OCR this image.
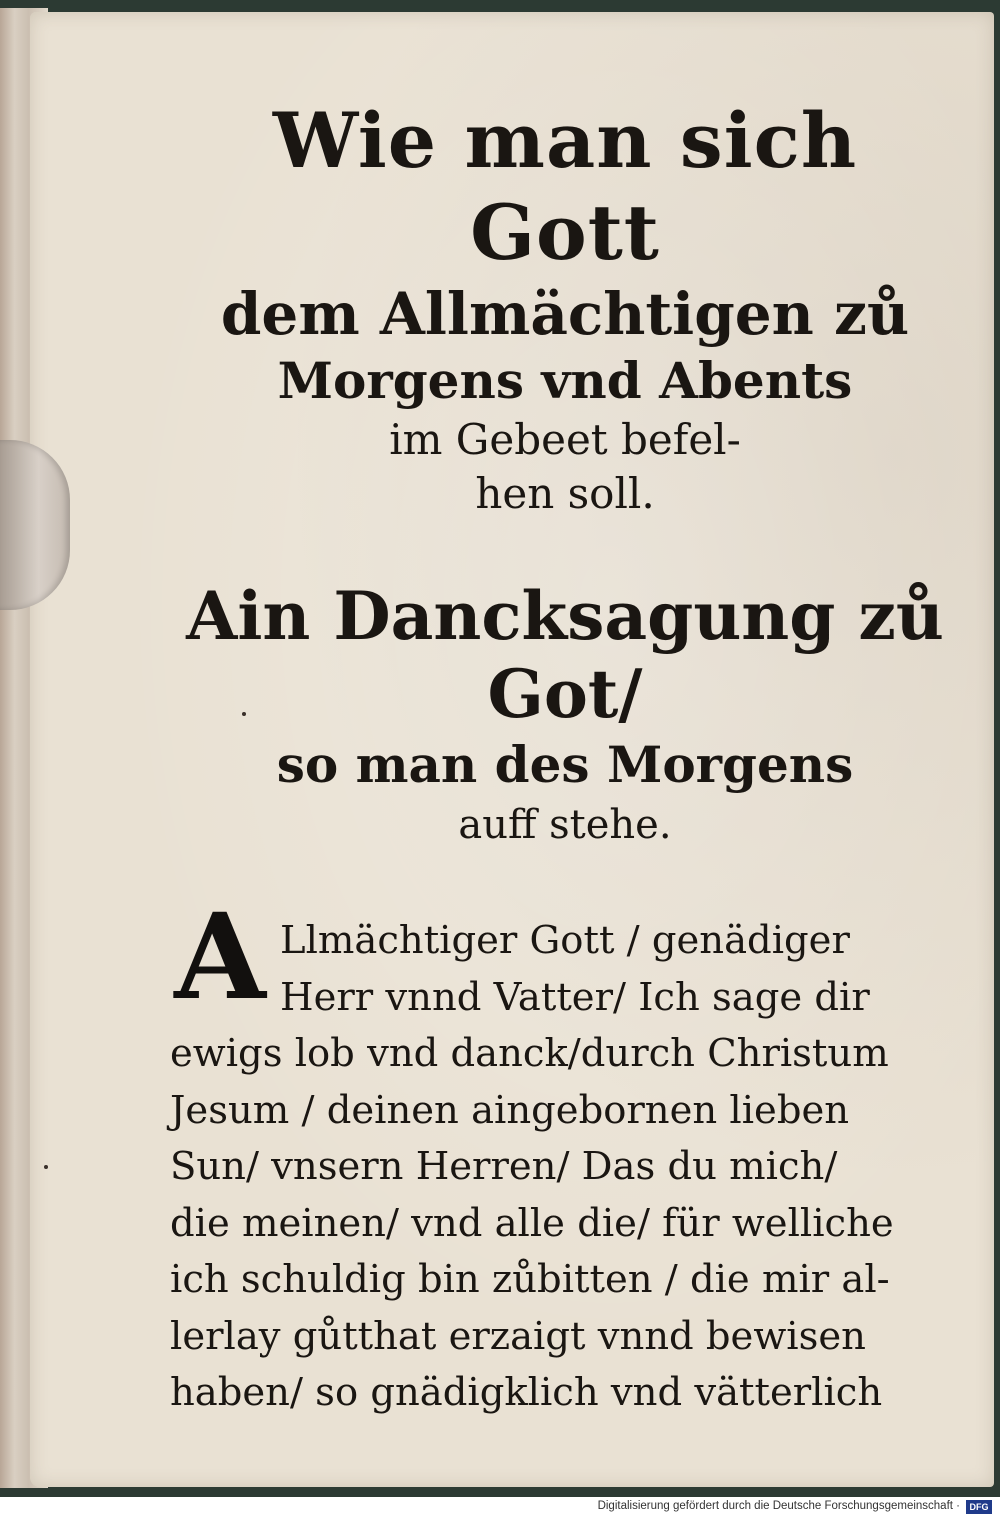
Wie man sich Gott
dem Allmächtigen zů
Morgens vnd Abents
im Gebeet befel-
hen soll.
Ain Dancksagung zů Got/
so man des Morgens
auff stehe.
A Llmächtiger Gott / genädiger
Herr vnnd Vatter/ Ich sage dir
ewigs lob vnd danck/durch Christum
Jesum / deinen aingebornen lieben
Sun/ vnsern Herren/ Das du mich/
die meinen/ vnd alle die/ für welliche
ich schuldig bin zůbitten / die mir al-
lerlay gůtthat erzaigt vnnd bewisen
haben/ so gnädigklich vnd vätterlich
Digitalisierung gefördert durch die Deutsche Forschungsgemeinschaft ·	DFG
